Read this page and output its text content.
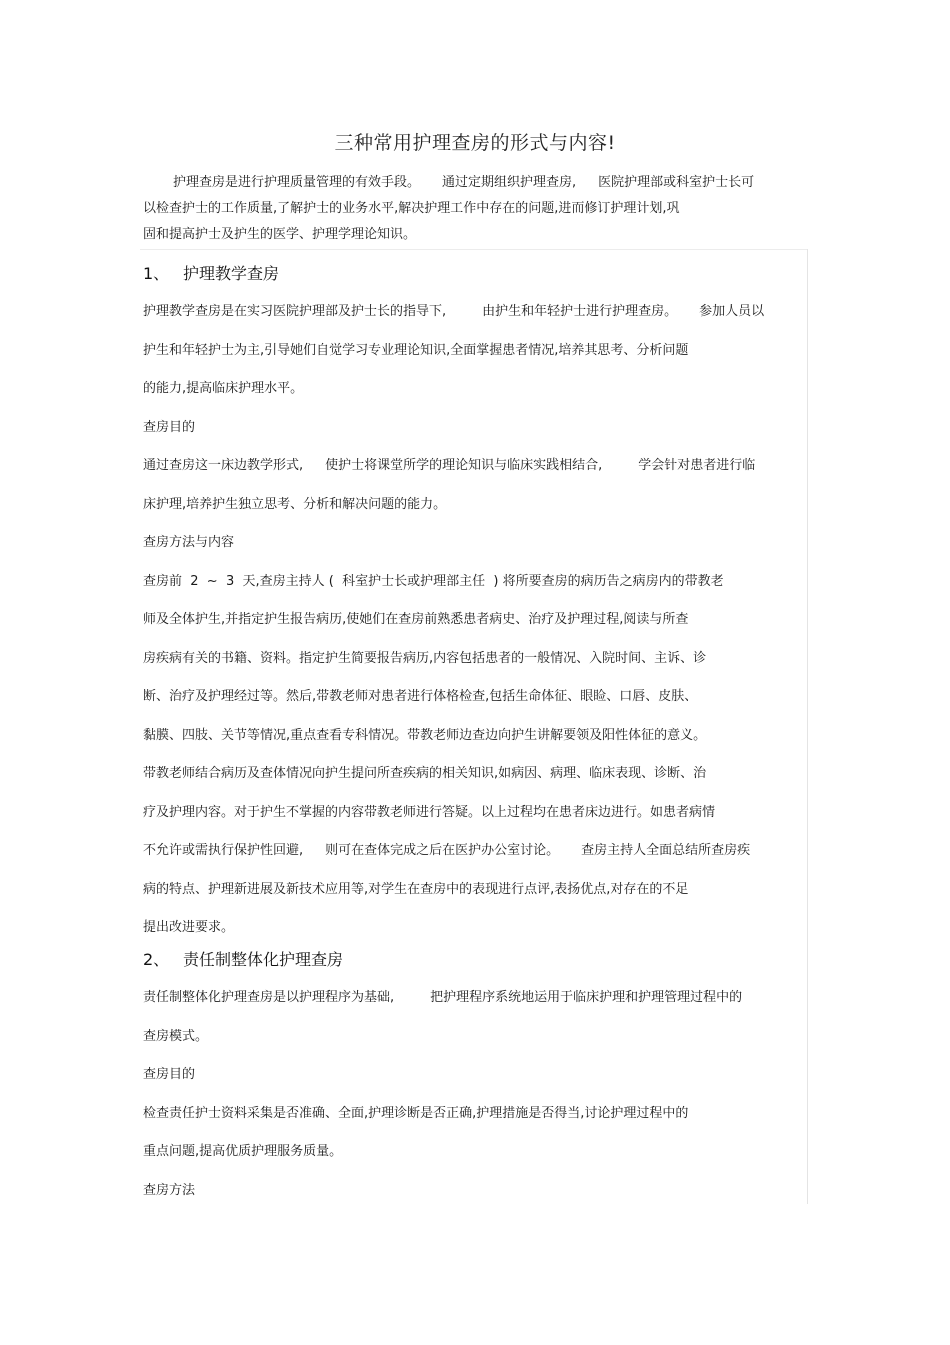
三种常用护理查房的形式与内容!
护理查房是进行护理质量管理的有效手段。 通过定期组织护理查房, 医院护理部或科室护士长可
以检查护士的工作质量,了解护士的业务水平,解决护理工作中存在的问题,进而修订护理计划,巩
固和提高护士及护生的医学、护理学理论知识。
1、 护理教学查房
护理教学查房是在实习医院护理部及护士长的指导下,	由护生和年轻护士进行护理查房。 参加人员以
护生和年轻护士为主,引导她们自觉学习专业理论知识,全面掌握患者情况,培养其思考、分析问题
的能力,提高临床护理水平。
查房目的
通过查房这一床边教学形式, 使护士将课堂所学的理论知识与临床实践相结合,	学会针对患者进行临
床护理,培养护生独立思考、分析和解决问题的能力。
查房方法与内容
查房前  2  ~  3  天,查房主持人 (  科室护士长或护理部主任  ) 将所要查房的病历告之病房内的带教老
师及全体护生,并指定护生报告病历,使她们在查房前熟悉患者病史、治疗及护理过程,阅读与所查
房疾病有关的书籍、资料。指定护生简要报告病历,内容包括患者的一般情况、入院时间、主诉、诊
断、治疗及护理经过等。然后,带教老师对患者进行体格检查,包括生命体征、眼睑、口唇、皮肤、
黏膜、四肢、关节等情况,重点查看专科情况。带教老师边查边向护生讲解要领及阳性体征的意义。
带教老师结合病历及查体情况向护生提问所查疾病的相关知识,如病因、病理、临床表现、诊断、治
疗及护理内容。对于护生不掌握的内容带教老师进行答疑。以上过程均在患者床边进行。如患者病情
不允许或需执行保护性回避, 则可在查体完成之后在医护办公室讨论。 查房主持人全面总结所查房疾
病的特点、护理新进展及新技术应用等,对学生在查房中的表现进行点评,表扬优点,对存在的不足
提出改进要求。
2、 责任制整体化护理查房
责任制整体化护理查房是以护理程序为基础,	把护理程序系统地运用于临床护理和护理管理过程中的
查房模式。
查房目的
检查责任护士资料采集是否准确、全面,护理诊断是否正确,护理措施是否得当,讨论护理过程中的
重点问题,提高优质护理服务质量。
查房方法
